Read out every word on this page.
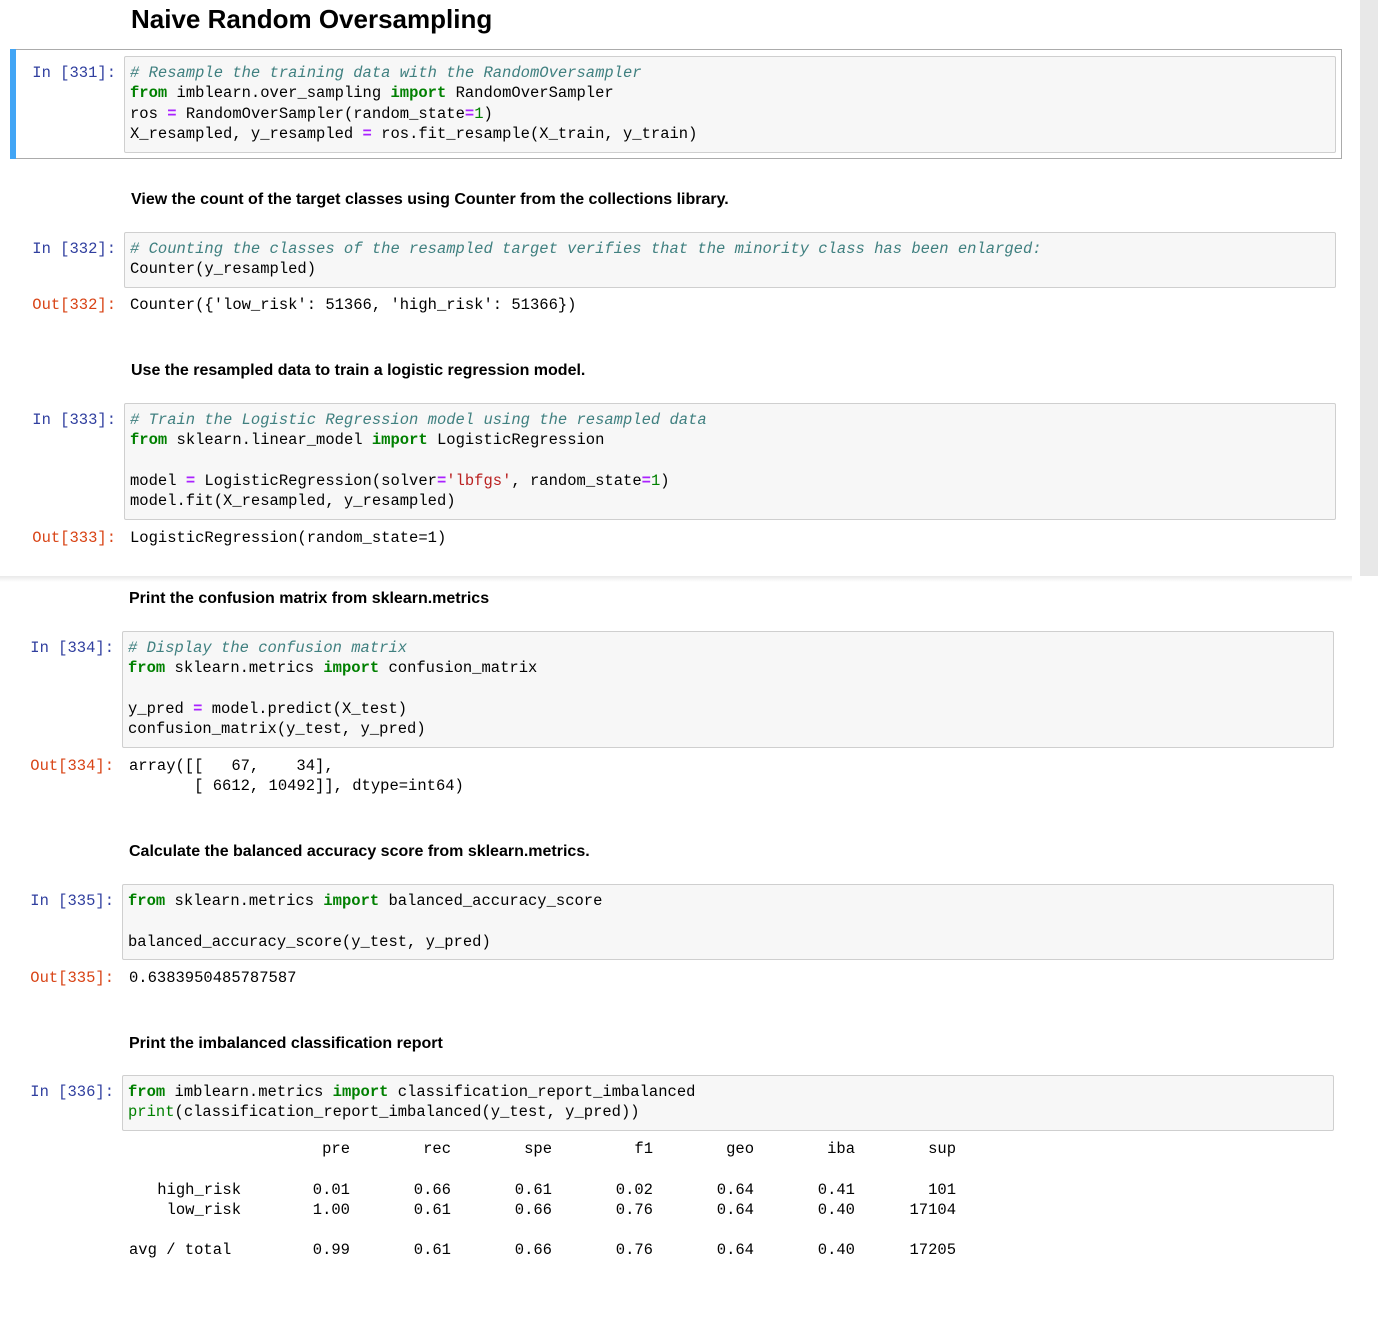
Naive Random Oversampling
In [331]: # Resample the training data with the RandomOversampler
from imblearn.over_sampling import RandomOverSampler
ros = RandomOverSampler(random_state=1)
X_resampled, y_resampled = ros.fit_resample(X_train, y_train)
View the count of the target classes using Counter from the collections library.
In [332]: # Counting the classes of the resampled target verifies that the minority class has been enlarged:
Counter(y_resampled)
Out[332]: Counter({'low_risk': 51366, 'high_risk': 51366})
Use the resampled data to train a logistic regression model.
In [333]: # Train the Logistic Regression model using the resampled data
from sklearn.linear_model import LogisticRegression
model = LogisticRegression(solver='lbfgs', random_state=1)
model.fit(X_resampled, y_resampled)
Out[333]: LogisticRegression(random_state=1)
Print the confusion matrix from sklearn.metrics
In [334]: # Display the confusion matrix
from sklearn.metrics import confusion_matrix
y_pred = model.predict(X_test)
confusion_matrix(y_test, y_pred)
Out[334]: array([[   67,    34],
[ 6612, 10492]], dtype=int64)
Calculate the balanced accuracy score from sklearn.metrics.
In [335]: from sklearn.metrics import balanced_accuracy_score
balanced_accuracy_score(y_test, y_pred)
Out[335]: 0.6383950485787587
Print the imbalanced classification report
In [336]: from imblearn.metrics import classification_report_imbalanced
print(classification_report_imbalanced(y_test, y_pred))
	pre	rec	spe	f1	geo	iba	sup

high_risk	0.01	0.66	0.61	0.02	0.64	0.41	101
low_risk	1.00	0.61	0.66	0.76	0.64	0.40	17104

avg / total	0.99	0.61	0.66	0.76	0.64	0.40	17205
